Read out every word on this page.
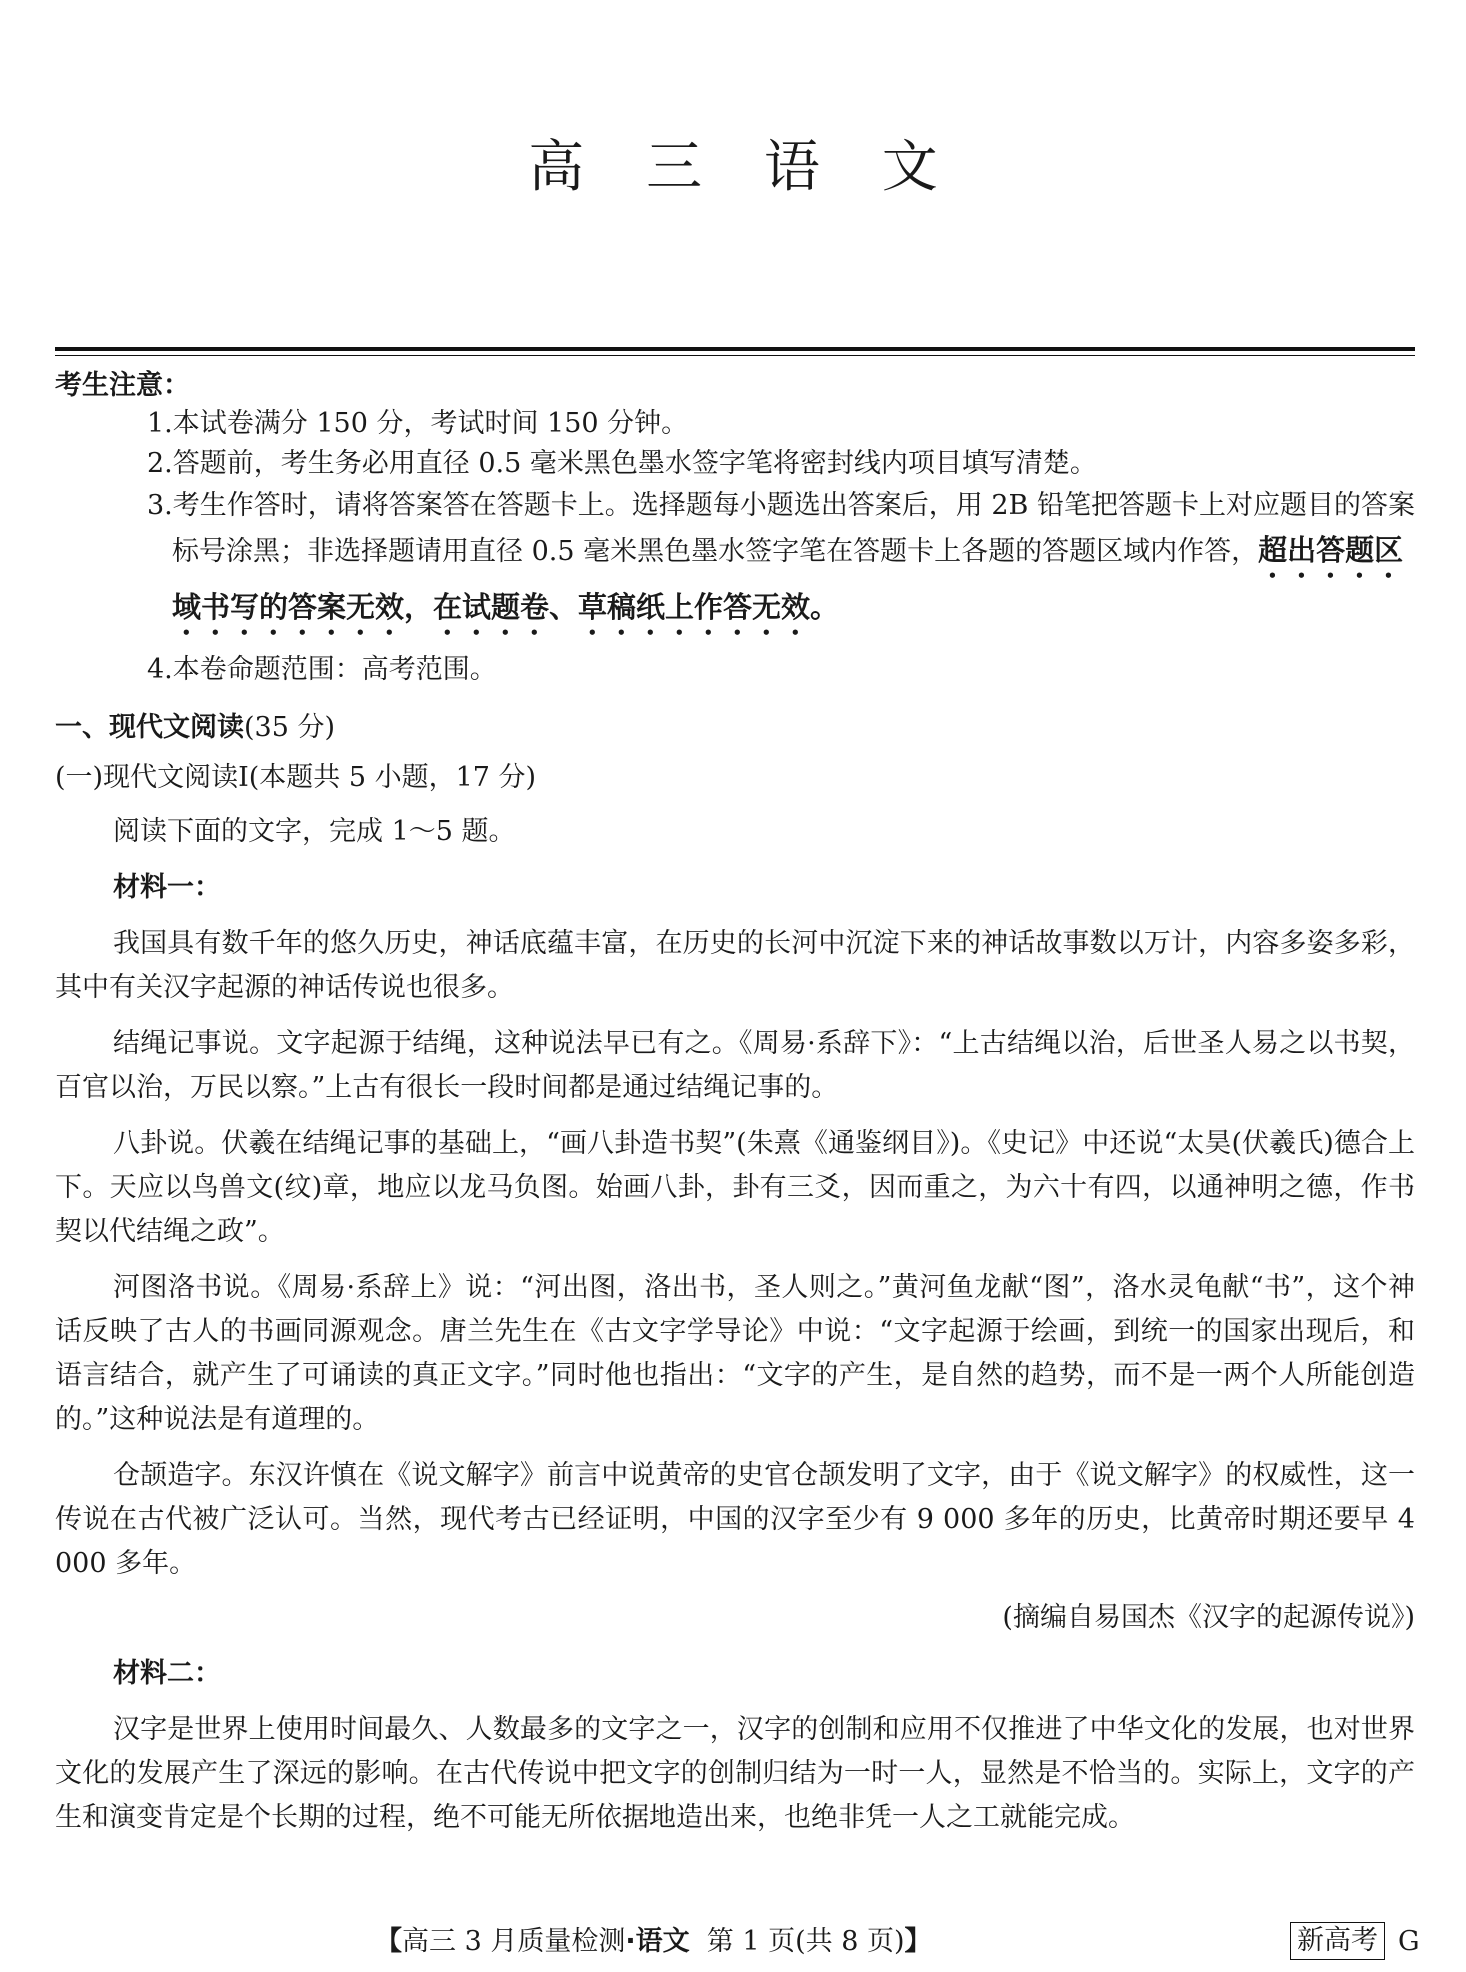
高 三 语 文
考生注意：
1.本试卷满分 150 分，考试时间 150 分钟。
2.答题前，考生务必用直径 0.5 毫米黑色墨水签字笔将密封线内项目填写清楚。
3.考生作答时，请将答案答在答题卡上。选择题每小题选出答案后，用 2B 铅笔把答题卡上对应题目的答案标号涂黑；非选择题请用直径 0.5 毫米黑色墨水签字笔在答题卡上各题的答题区域内作答，超出答题区域书写的答案无效，在试题卷、草稿纸上作答无效。
4.本卷命题范围：高考范围。
一、现代文阅读(35 分)
(一)现代文阅读Ⅰ(本题共 5 小题，17 分)

阅读下面的文字，完成 1～5 题。

材料一：

我国具有数千年的悠久历史，神话底蕴丰富，在历史的长河中沉淀下来的神话故事数以万计，内容多姿多彩，其中有关汉字起源的神话传说也很多。

结绳记事说。文字起源于结绳，这种说法早已有之。《周易·系辞下》：“上古结绳以治，后世圣人易之以书契，百官以治，万民以察。”上古有很长一段时间都是通过结绳记事的。

八卦说。伏羲在结绳记事的基础上，“画八卦造书契”(朱熹《通鉴纲目》)。《史记》中还说“太昊(伏羲氏)德合上下。天应以鸟兽文(纹)章，地应以龙马负图。始画八卦，卦有三爻，因而重之，为六十有四，以通神明之德，作书契以代结绳之政”。

河图洛书说。《周易·系辞上》说：“河出图，洛出书，圣人则之。”黄河鱼龙献“图”，洛水灵龟献“书”，这个神话反映了古人的书画同源观念。唐兰先生在《古文字学导论》中说：“文字起源于绘画，到统一的国家出现后，和语言结合，就产生了可诵读的真正文字。”同时他也指出：“文字的产生，是自然的趋势，而不是一两个人所能创造的。”这种说法是有道理的。

仓颉造字。东汉许慎在《说文解字》前言中说黄帝的史官仓颉发明了文字，由于《说文解字》的权威性，这一传说在古代被广泛认可。当然，现代考古已经证明，中国的汉字至少有 9 000 多年的历史，比黄帝时期还要早 4 000 多年。

(摘编自易国杰《汉字的起源传说》)

材料二：

汉字是世界上使用时间最久、人数最多的文字之一，汉字的创制和应用不仅推进了中华文化的发展，也对世界文化的发展产生了深远的影响。在古代传说中把文字的创制归结为一时一人，显然是不恰当的。实际上，文字的产生和演变肯定是个长期的过程，绝不可能无所依据地造出来，也绝非凭一人之工就能完成。

【高三 3 月质量检测·语文 第 1 页(共 8 页)】	新高考 G
